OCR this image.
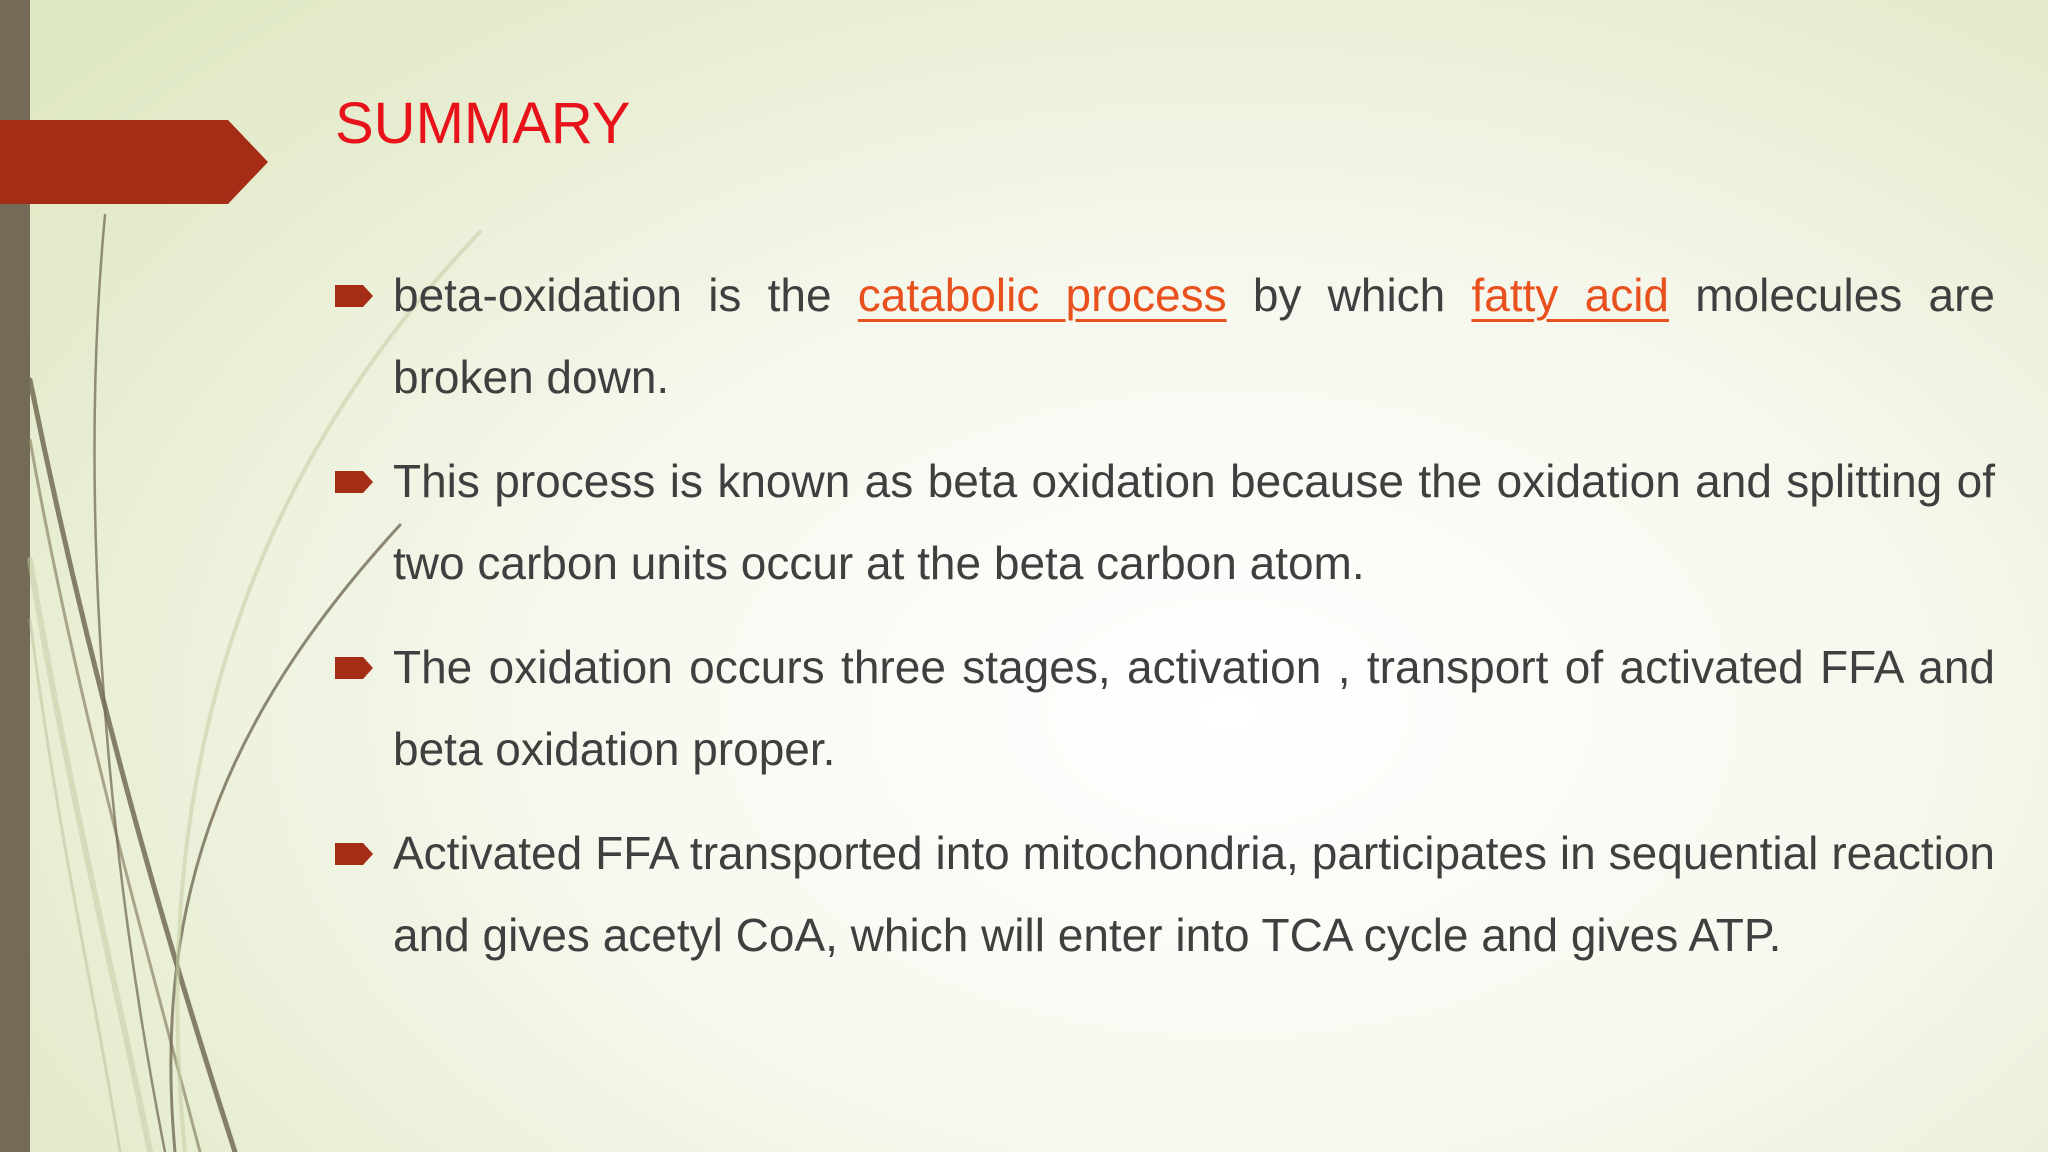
SUMMARY
beta-oxidation is the catabolic process by which fatty acid molecules are broken down.
This process is known as beta oxidation because the oxidation and splitting of two carbon units occur at the beta carbon atom.
The oxidation occurs three stages, activation , transport of activated FFA and beta oxidation proper.
Activated FFA transported into mitochondria, participates in sequential reaction and gives acetyl CoA, which will enter into TCA cycle and gives ATP.
